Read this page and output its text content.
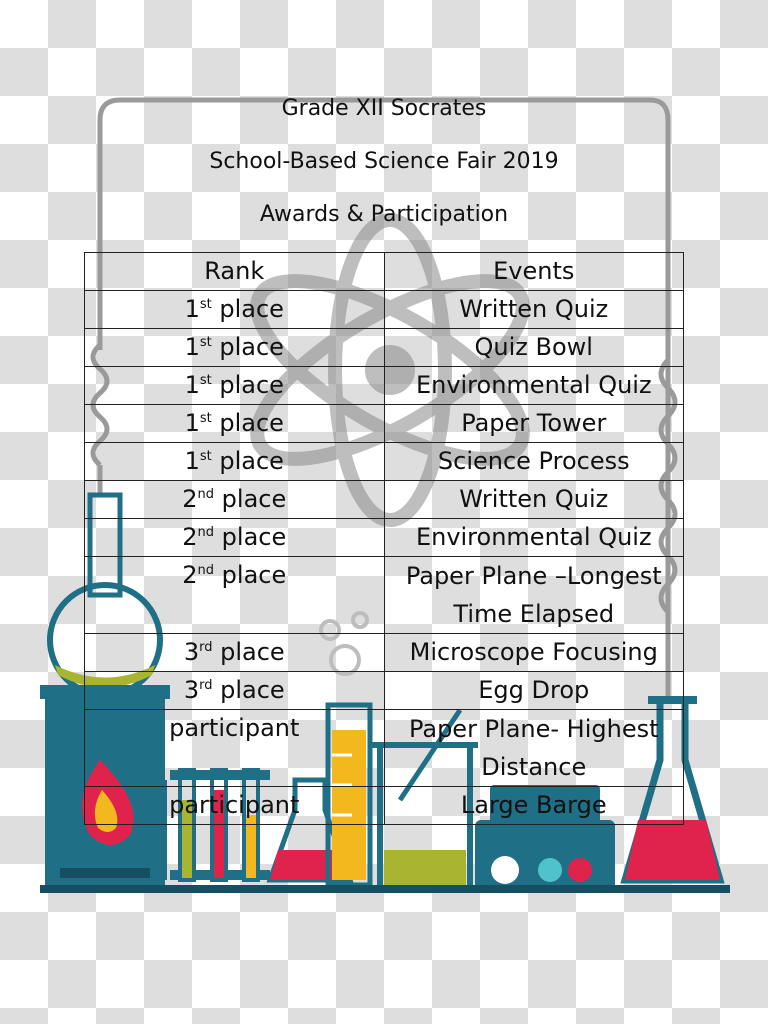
Grade XII Socrates
School-Based Science Fair 2019
Awards & Participation
Rank	Events
1st place	Written Quiz
1st place	Quiz Bowl
1st place	Environmental Quiz
1st place	Paper Tower
1st place	Science Process
2nd place	Written Quiz
2nd place	Environmental Quiz
2nd place	Paper Plane –Longest Time Elapsed
3rd place	Microscope Focusing
3rd place	Egg Drop
participant	Paper Plane- Highest Distance
participant	Large Barge
